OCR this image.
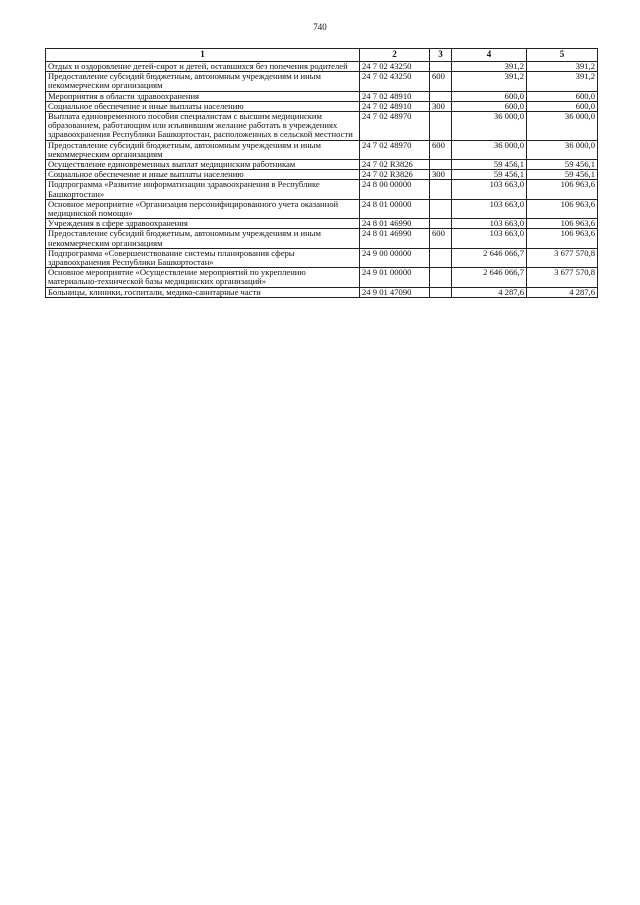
740
1	2	3	4	5
Отдых и оздоровление детей-сирот и детей, оставшихся без попечения родителей	24 7 02 43250		391,2	391,2
Предоставление субсидий бюджетным, автономным учреждениям и иным некоммерческим организациям	24 7 02 43250	600	391,2	391,2
Мероприятия в области здравоохранения	24 7 02 48910		600,0	600,0
Социальное обеспечение и иные выплаты населению	24 7 02 48910	300	600,0	600,0
Выплата единовременного пособия специалистам с высшим медицинским образованием, работающим или изъявившим желание работать в учреждениях здравоохранения Республики Башкортостан, расположенных в сельской местности	24 7 02 48970		36 000,0	36 000,0
Предоставление субсидий бюджетным, автономным учреждениям и иным некоммерческим организациям	24 7 02 48970	600	36 000,0	36 000,0
Осуществление единовременных выплат медицинским работникам	24 7 02 R3826		59 456,1	59 456,1
Социальное обеспечение и иные выплаты населению	24 7 02 R3826	300	59 456,1	59 456,1
Подпрограмма «Развитие информатизации здравоохранения в Республике Башкортостан»	24 8 00 00000		103 663,0	106 963,6
Основное мероприятие «Организация персонифицированного учета оказанной медицинской помощи»	24 8 01 00000		103 663,0	106 963,6
Учреждения в сфере здравоохранения	24 8 01 46990		103 663,0	106 963,6
Предоставление субсидий бюджетным, автономным учреждениям и иным некоммерческим организациям	24 8 01 46990	600	103 663,0	106 963,6
Подпрограмма «Совершенствование системы планирования сферы здравоохранения Республики Башкортостан»	24 9 00 00000		2 646 066,7	3 677 570,8
Основное мероприятие «Осуществление мероприятий по укреплению материально-технической базы медицинских организаций»	24 9 01 00000		2 646 066,7	3 677 570,8
Больницы, клиники, госпитали, медико-санитарные части	24 9 01 47090		4 287,6	4 287,6
